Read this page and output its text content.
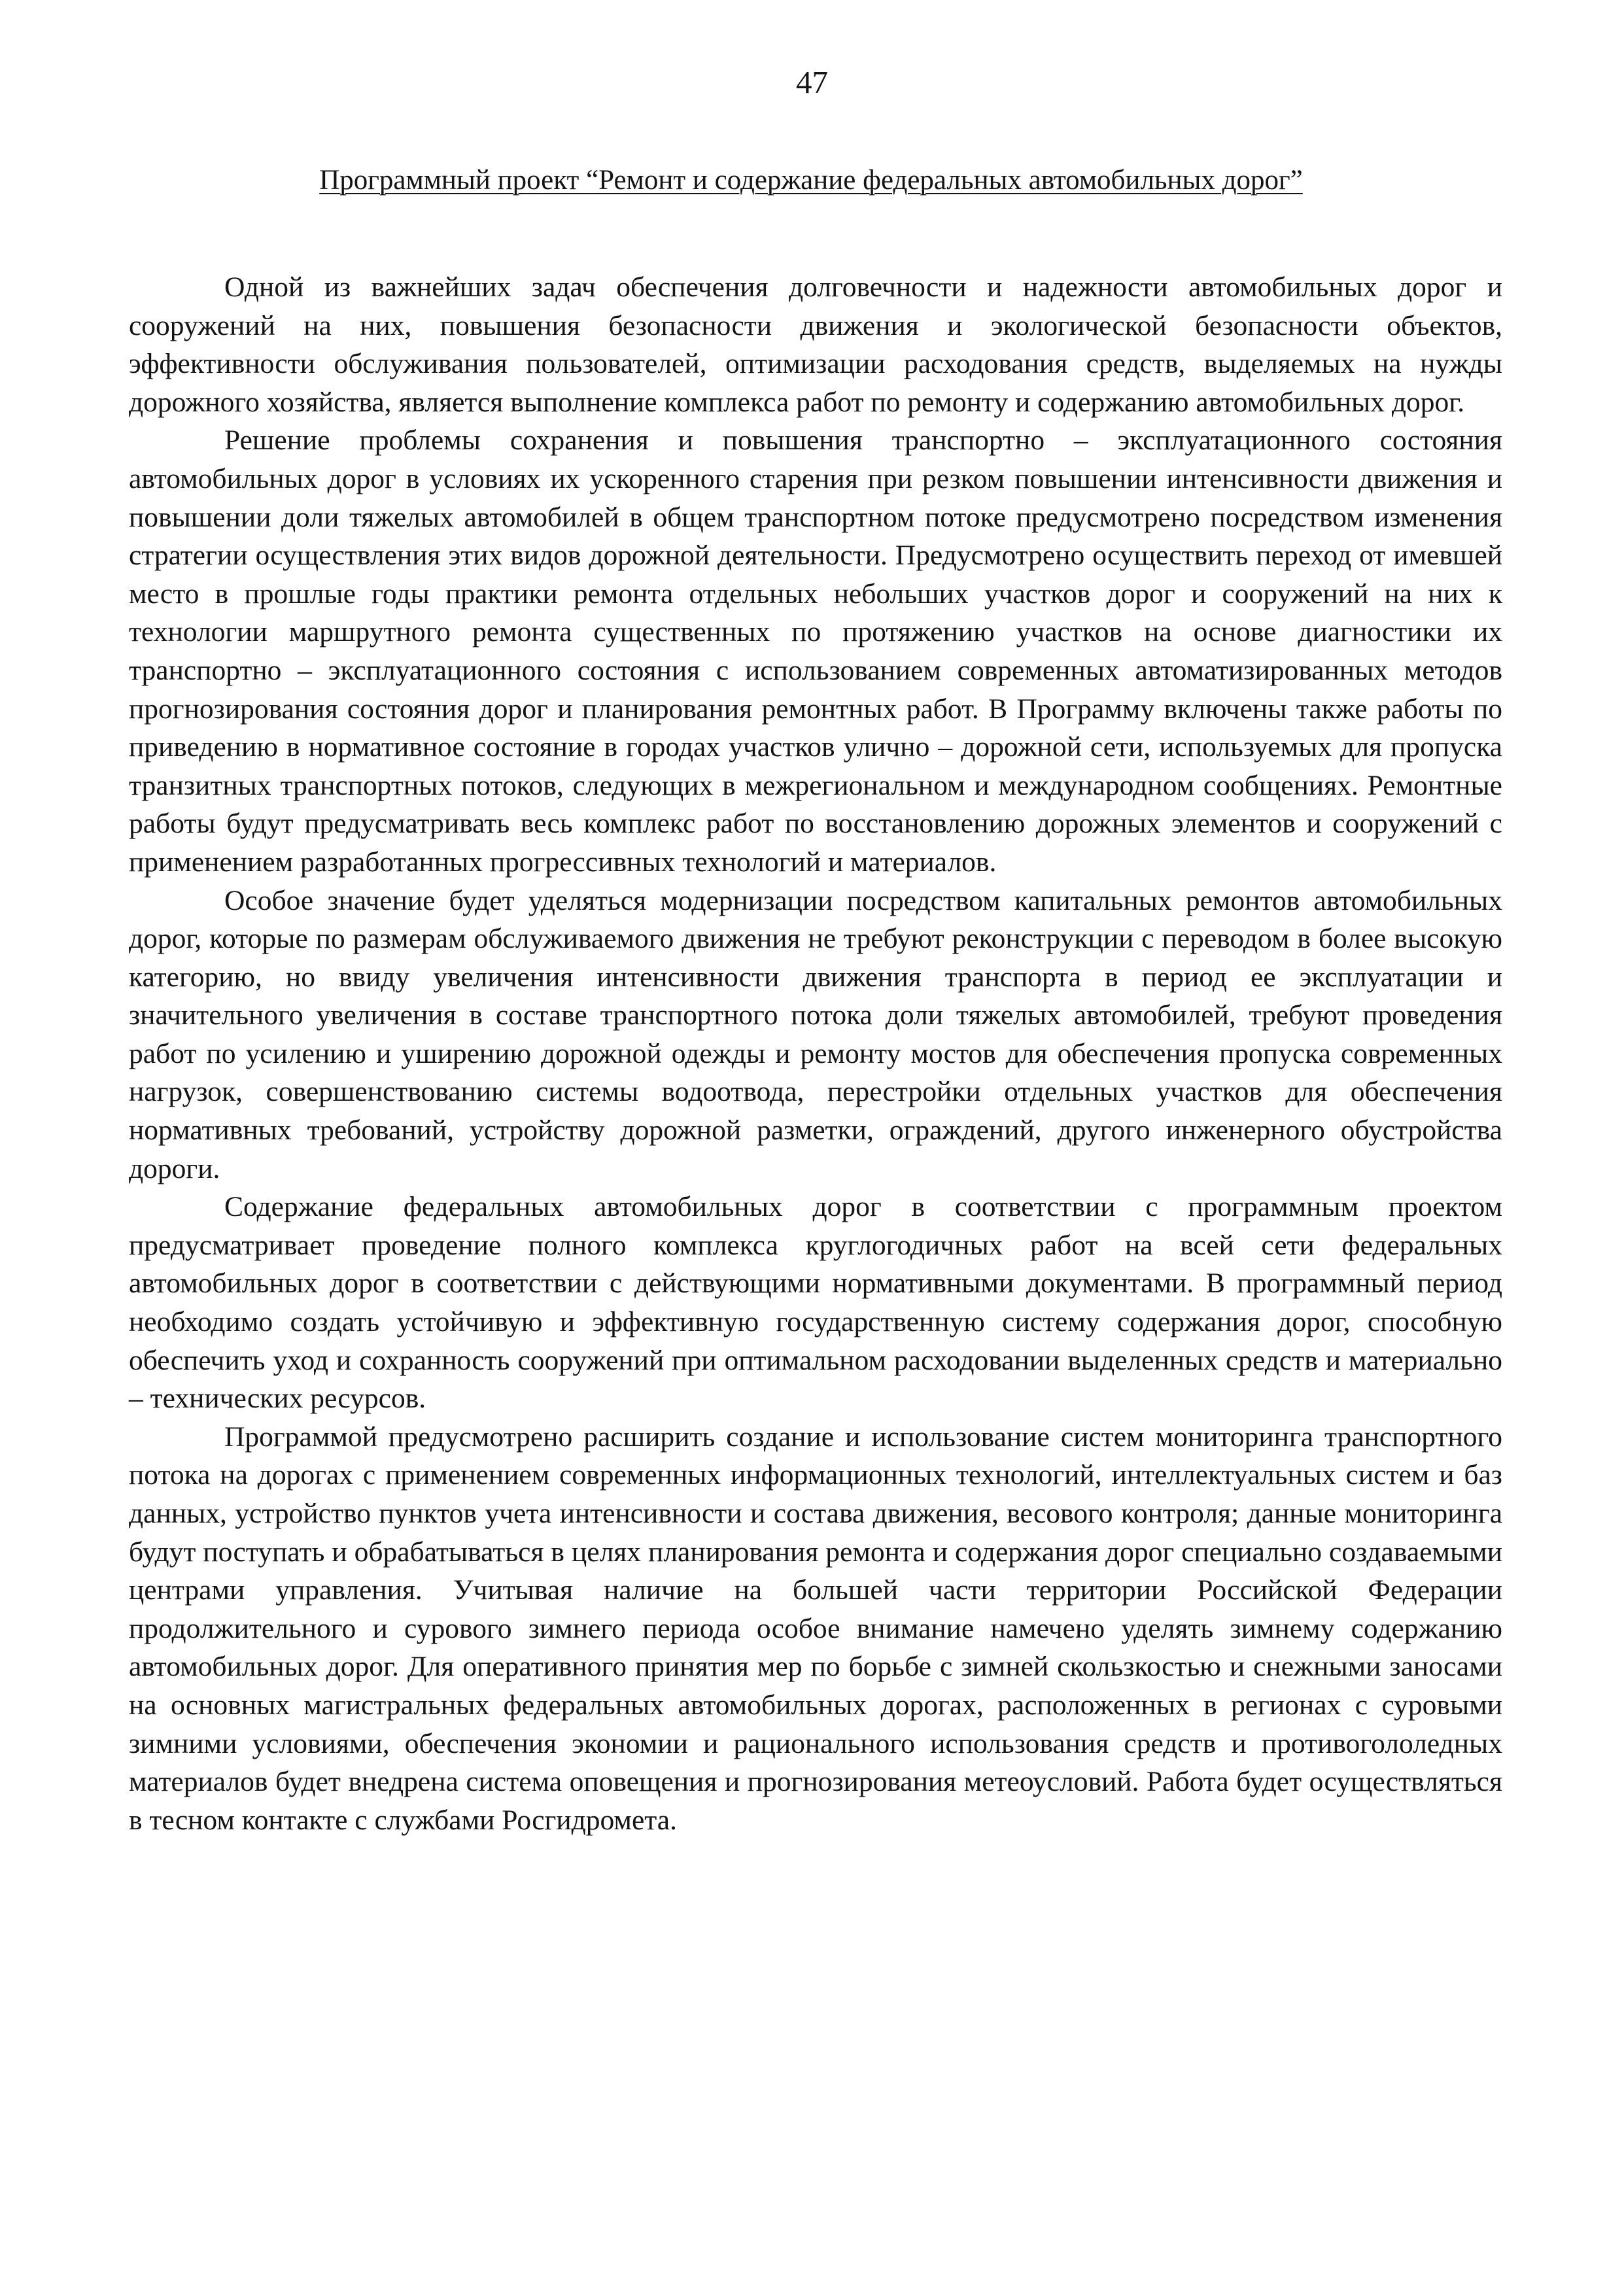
47
Программный проект “Ремонт и содержание федеральных автомобильных дорог”

Одной из важнейших задач обеспечения долговечности и надежности автомобильных дорог и сооружений на них, повышения безопасности движения и экологической безопасности объектов, эффективности обслуживания пользователей, оптимизации расходования средств, выделяемых на нужды дорожного хозяйства, является выполнение комплекса работ по ремонту и содержанию автомобильных дорог.

Решение проблемы сохранения и повышения транспортно – эксплуатационного состояния автомобильных дорог в условиях их ускоренного старения при резком повышении интенсивности движения и повышении доли тяжелых автомобилей в общем транспортном потоке предусмотрено посредством изменения стратегии осуществления этих видов дорожной деятельности. Предусмотрено осуществить переход от имевшей место в прошлые годы практики ремонта отдельных небольших участков дорог и сооружений на них к технологии маршрутного ремонта существенных по протяжению участков на основе диагностики их транспортно – эксплуатационного состояния с использованием современных автоматизированных методов прогнозирования состояния дорог и планирования ремонтных работ. В Программу включены также работы по приведению в нормативное состояние в городах участков улично – дорожной сети, используемых для пропуска транзитных транспортных потоков, следующих в межрегиональном и международном сообщениях. Ремонтные работы будут предусматривать весь комплекс работ по восстановлению дорожных элементов и сооружений с применением разработанных прогрессивных технологий и материалов.

Особое значение будет уделяться модернизации посредством капитальных ремонтов автомобильных дорог, которые по размерам обслуживаемого движения не требуют реконструкции с переводом в более высокую категорию, но ввиду увеличения интенсивности движения транспорта в период ее эксплуатации и значительного увеличения в составе транспортного потока доли тяжелых автомобилей, требуют проведения работ по усилению и уширению дорожной одежды и ремонту мостов для обеспечения пропуска современных нагрузок, совершенствованию системы водоотвода, перестройки отдельных участков для обеспечения нормативных требований, устройству дорожной разметки, ограждений, другого инженерного обустройства дороги.

Содержание федеральных автомобильных дорог в соответствии с программным проектом предусматривает проведение полного комплекса круглогодичных работ на всей сети федеральных автомобильных дорог в соответствии с действующими нормативными документами. В программный период необходимо создать устойчивую и эффективную государственную систему содержания дорог, способную обеспечить уход и сохранность сооружений при оптимальном расходовании выделенных средств и материально – технических ресурсов.

Программой предусмотрено расширить создание и использование систем мониторинга транспортного потока на дорогах с применением современных информационных технологий, интеллектуальных систем и баз данных, устройство пунктов учета интенсивности и состава движения, весового контроля; данные мониторинга будут поступать и обрабатываться в целях планирования ремонта и содержания дорог специально создаваемыми центрами управления. Учитывая наличие на большей части территории Российской Федерации продолжительного и сурового зимнего периода особое внимание намечено уделять зимнему содержанию автомобильных дорог. Для оперативного принятия мер по борьбе с зимней скользкостью и снежными заносами на основных магистральных федеральных автомобильных дорогах, расположенных в регионах с суровыми зимними условиями, обеспечения экономии и рационального использования средств и противогололедных материалов будет внедрена система оповещения и прогнозирования метеоусловий. Работа будет осуществляться в тесном контакте с службами Росгидромета.
